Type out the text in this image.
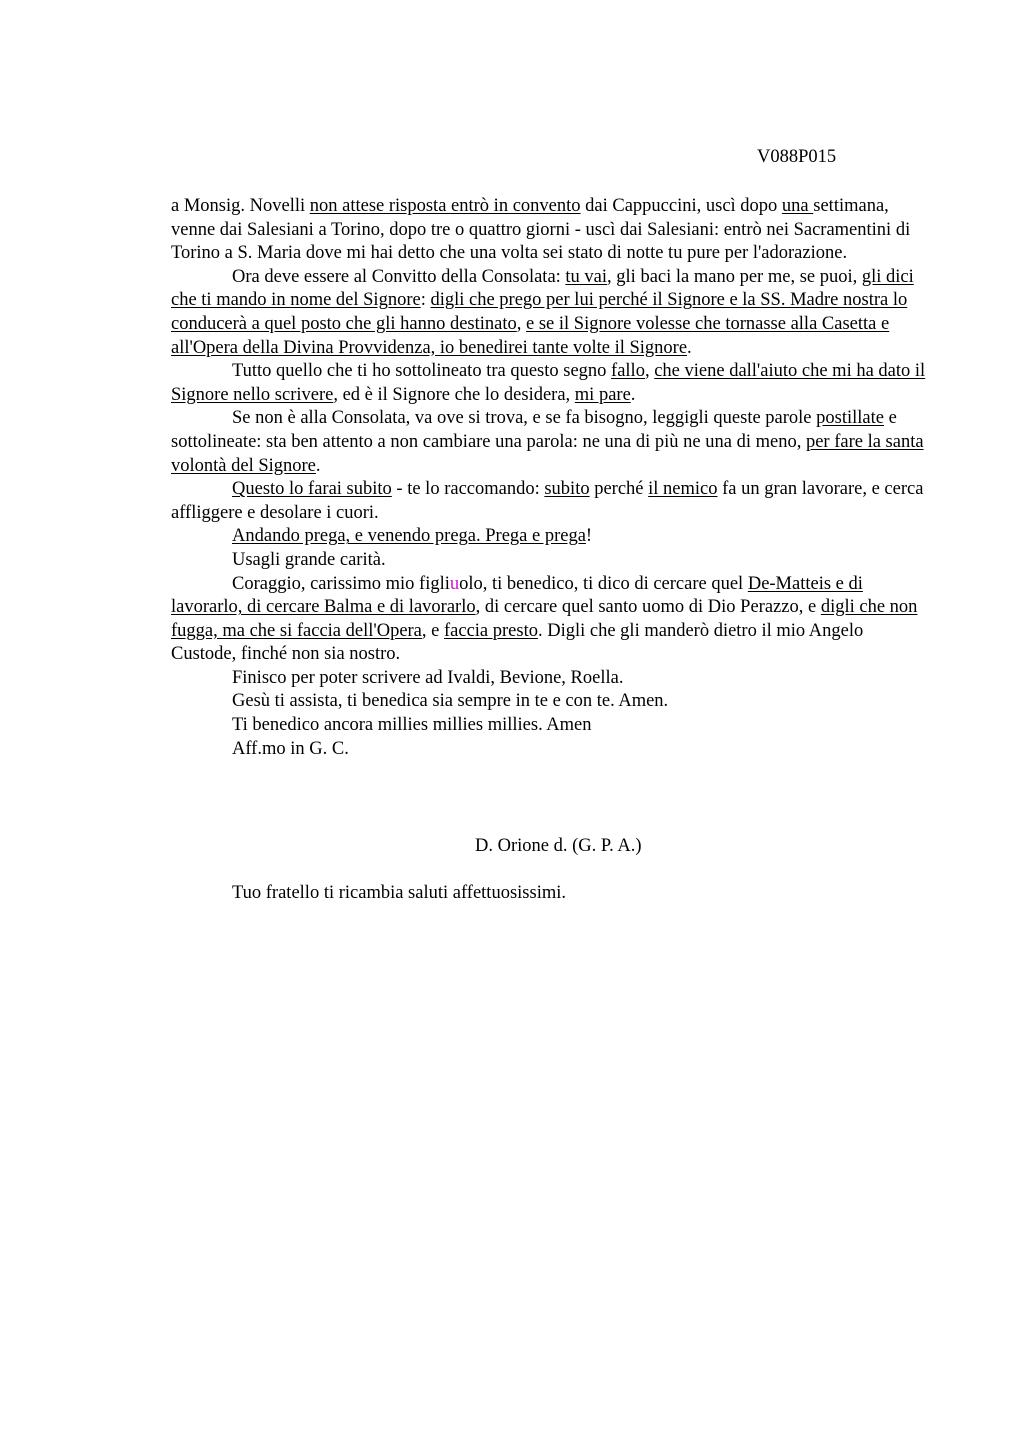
V088P015

a Monsig. Novelli non attese risposta entrò in convento dai Cappuccini, uscì dopo una settimana, venne dai Salesiani a Torino, dopo tre o quattro giorni - uscì dai Salesiani: entrò nei Sacramentini di Torino a S. Maria dove mi hai detto che una volta sei stato di notte tu pure per l'adorazione.

Ora deve essere al Convitto della Consolata: tu vai, gli baci la mano per me, se puoi, gli dici che ti mando in nome del Signore: digli che prego per lui perché il Signore e la SS. Madre nostra lo conducerà a quel posto che gli hanno destinato, e se il Signore volesse che tornasse alla Casetta e all'Opera della Divina Provvidenza, io benedirei tante volte il Signore.

Tutto quello che ti ho sottolineato tra questo segno fallo, che viene dall'aiuto che mi ha dato il Signore nello scrivere, ed è il Signore che lo desidera, mi pare.

Se non è alla Consolata, va ove si trova, e se fa bisogno, leggigli queste parole postillate e sottolineate: sta ben attento a non cambiare una parola: ne una di più ne una di meno, per fare la santa volontà del Signore.

Questo lo farai subito - te lo raccomando: subito perché il nemico fa un gran lavorare, e cerca affliggere e desolare i cuori.

Andando prega, e venendo prega. Prega e prega!

Usagli grande carità.

Coraggio, carissimo mio figliuolo, ti benedico, ti dico di cercare quel De-Matteis e di lavorarlo, di cercare Balma e di lavorarlo, di cercare quel santo uomo di Dio Perazzo, e digli che non fugga, ma che si faccia dell'Opera, e faccia presto. Digli che gli manderò dietro il mio Angelo Custode, finché non sia nostro.

Finisco per poter scrivere ad Ivaldi, Bevione, Roella.

Gesù ti assista, ti benedica sia sempre in te e con te. Amen.

Ti benedico ancora millies millies millies. Amen

Aff.mo in G. C.

D. Orione d. (G. P. A.)

Tuo fratello ti ricambia saluti affettuosissimi.
